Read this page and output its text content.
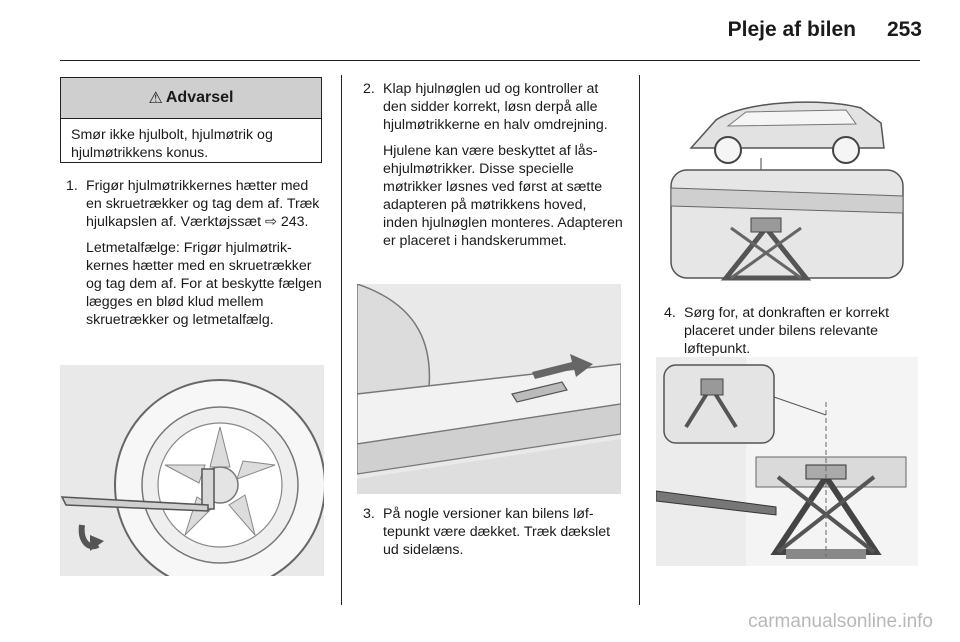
Pleje af bilen	253
⚠ Advarsel
Smør ikke hjulbolt, hjulmøtrik og hjulmøtrikkens konus.
1. Frigør hjulmøtrikkernes hætter med en skruetrækker og tag dem af. Træk hjulkapslen af. Værktøjssæt ⇨ 243.

Letmetalfælge: Frigør hjulmøtrikkernes hætter med en skruetrækker og tag dem af. For at beskytte fælgen lægges en blød klud mellem skruetrækker og letmetalfælg.

2. Klap hjulnøglen ud og kontroller at den sidder korrekt, løsn derpå alle hjulmøtrikkerne en halv omdrejning.

Hjulene kan være beskyttet af låsehjulmøtrikker. Disse specielle møtrikker løsnes ved først at sætte adapteren på møtrikkens hoved, inden hjulnøglen monteres. Adapteren er placeret i handskerummet.

3. På nogle versioner kan bilens løftepunkt være dækket. Træk dækslet ud sidelæns.

4. Sørg for, at donkraften er korrekt placeret under bilens relevante løftepunkt.

carmanualsonline.info
